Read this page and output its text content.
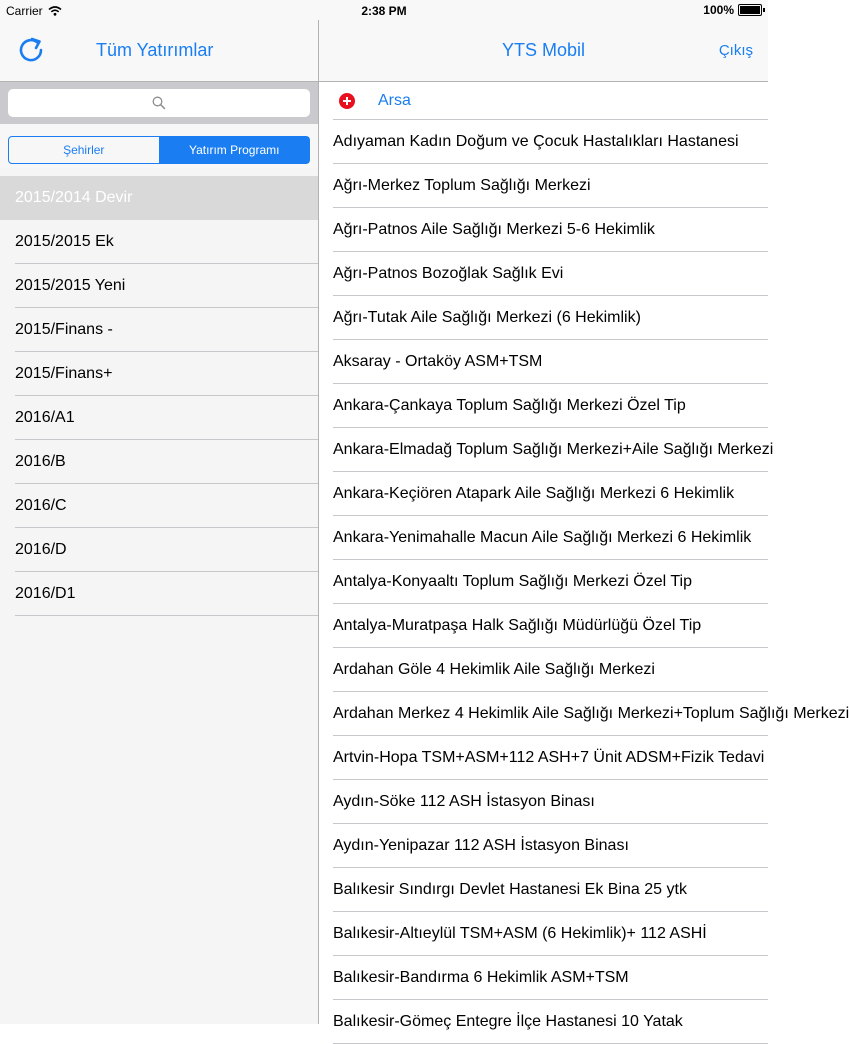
Carrier	2:38 PM	100%
Tüm Yatırımlar	YTS Mobil	Çıkış
Şehirler	Yatırım Programı
2015/2014 Devir
2015/2015 Ek
2015/2015 Yeni
2015/Finans -
2015/Finans+
2016/A1
2016/B
2016/C
2016/D
2016/D1
Arsa
Adıyaman Kadın Doğum ve Çocuk Hastalıkları Hastanesi
Ağrı-Merkez Toplum Sağlığı Merkezi
Ağrı-Patnos Aile Sağlığı Merkezi 5-6 Hekimlik
Ağrı-Patnos Bozoğlak Sağlık Evi
Ağrı-Tutak Aile Sağlığı Merkezi (6 Hekimlik)
Aksaray - Ortaköy ASM+TSM
Ankara-Çankaya Toplum Sağlığı Merkezi Özel Tip
Ankara-Elmadağ Toplum Sağlığı Merkezi+Aile Sağlığı Merkezi
Ankara-Keçiören Atapark Aile Sağlığı Merkezi 6 Hekimlik
Ankara-Yenimahalle Macun Aile Sağlığı Merkezi 6 Hekimlik
Antalya-Konyaaltı Toplum Sağlığı Merkezi Özel Tip
Antalya-Muratpaşa Halk Sağlığı Müdürlüğü Özel Tip
Ardahan Göle 4 Hekimlik Aile Sağlığı Merkezi
Ardahan Merkez 4 Hekimlik Aile Sağlığı Merkezi+Toplum Sağlığı Merkezi
Artvin-Hopa TSM+ASM+112 ASH+7 Ünit ADSM+Fizik Tedavi
Aydın-Söke 112 ASH İstasyon Binası
Aydın-Yenipazar 112 ASH İstasyon Binası
Balıkesir Sındırgı Devlet Hastanesi Ek Bina 25 ytk
Balıkesir-Altıeylül TSM+ASM (6 Hekimlik)+ 112 ASHİ
Balıkesir-Bandırma 6 Hekimlik ASM+TSM
Balıkesir-Gömeç Entegre İlçe Hastanesi 10 Yatak
